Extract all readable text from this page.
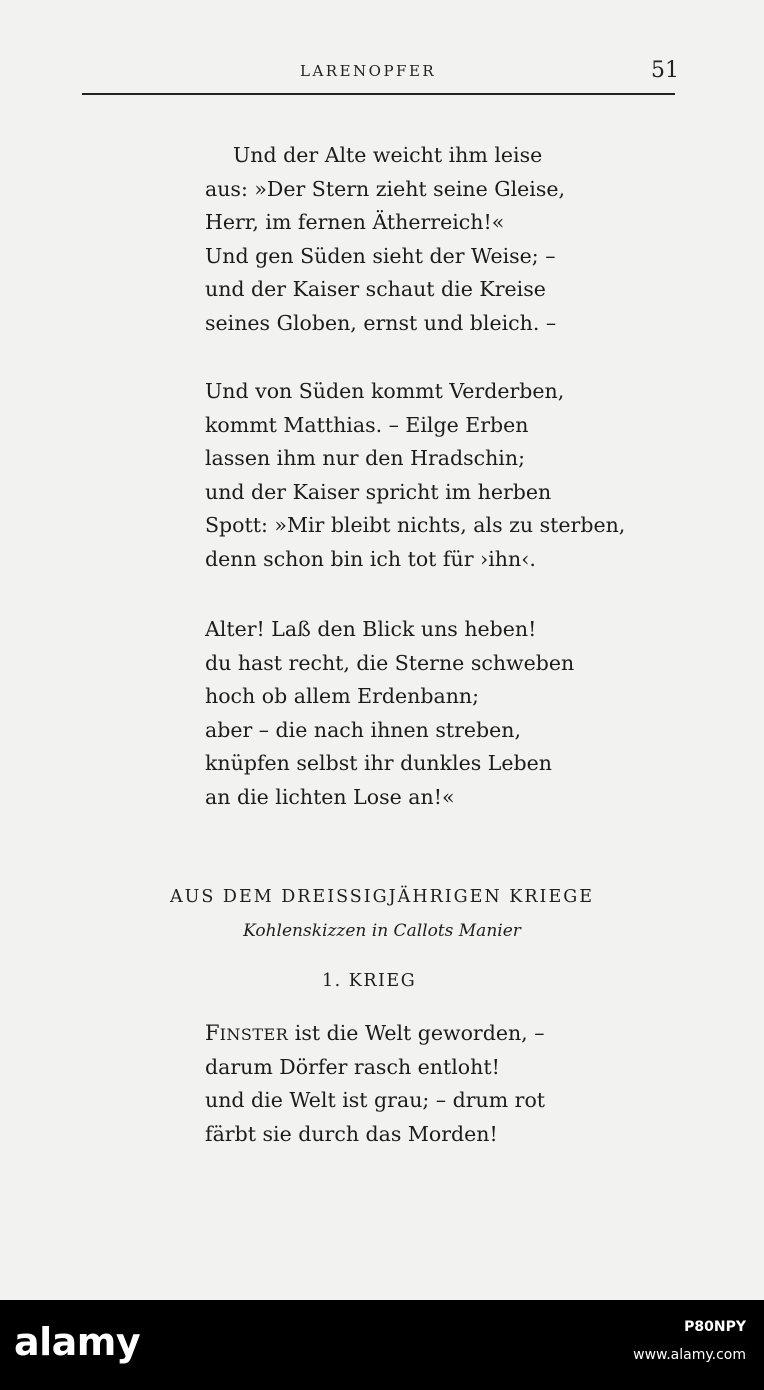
LARENOPFER	51
Und der Alte weicht ihm leise
aus: »Der Stern zieht seine Gleise,
Herr, im fernen Ätherreich!«
Und gen Süden sieht der Weise; –
und der Kaiser schaut die Kreise
seines Globen, ernst und bleich. –
Und von Süden kommt Verderben,
kommt Matthias. – Eilge Erben
lassen ihm nur den Hradschin;
und der Kaiser spricht im herben
Spott: »Mir bleibt nichts, als zu sterben,
denn schon bin ich tot für ›ihn‹.
Alter! Laß den Blick uns heben!
du hast recht, die Sterne schweben
hoch ob allem Erdenbann;
aber – die nach ihnen streben,
knüpfen selbst ihr dunkles Leben
an die lichten Lose an!«
AUS DEM DREISSIGJÄHRIGEN KRIEGE
Kohlenskizzen in Callots Manier
1. KRIEG
FINSTER ist die Welt geworden, –
darum Dörfer rasch entloht!
und die Welt ist grau; – drum rot
färbt sie durch das Morden!
alamy	P80NPY
www.alamy.com
